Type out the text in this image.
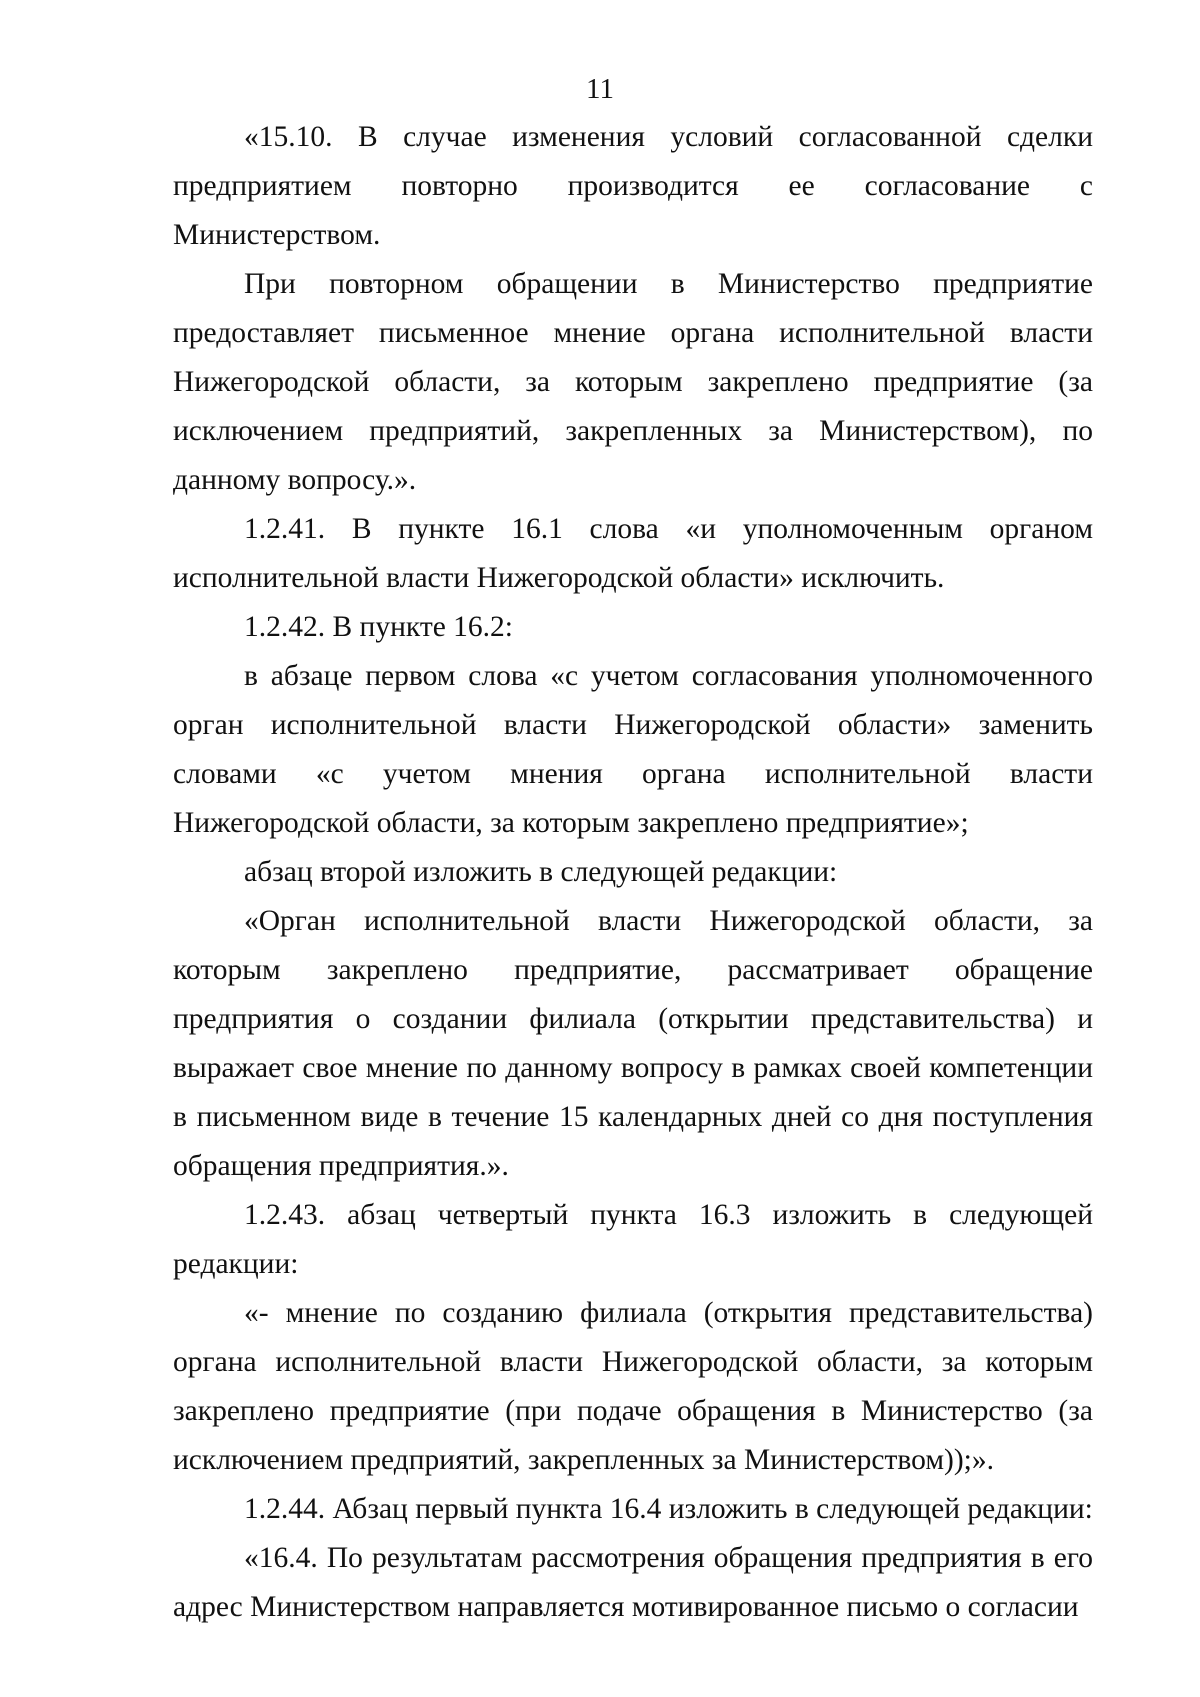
11

«15.10. В случае изменения условий согласованной сделки предприятием повторно производится ее согласование с Министерством.

При повторном обращении в Министерство предприятие предоставляет письменное мнение органа исполнительной власти Нижегородской области, за которым закреплено предприятие (за исключением предприятий, закрепленных за Министерством), по данному вопросу.».

1.2.41. В пункте 16.1 слова «и уполномоченным органом исполнительной власти Нижегородской области» исключить.

1.2.42. В пункте 16.2:

в абзаце первом слова «с учетом согласования уполномоченного орган исполнительной власти Нижегородской области» заменить словами «с учетом мнения органа исполнительной власти Нижегородской области, за которым закреплено предприятие»;

абзац второй изложить в следующей редакции:

«Орган исполнительной власти Нижегородской области, за которым закреплено предприятие, рассматривает обращение предприятия о создании филиала (открытии представительства) и выражает свое мнение по данному вопросу в рамках своей компетенции в письменном виде в течение 15 календарных дней со дня поступления обращения предприятия.».

1.2.43. абзац четвертый пункта 16.3 изложить в следующей редакции:

«- мнение по созданию филиала (открытия представительства) органа исполнительной власти Нижегородской области, за которым закреплено предприятие (при подаче обращения в Министерство (за исключением предприятий, закрепленных за Министерством));».

1.2.44. Абзац первый пункта 16.4 изложить в следующей редакции:

«16.4. По результатам рассмотрения обращения предприятия в его адрес Министерством направляется мотивированное письмо о согласии
